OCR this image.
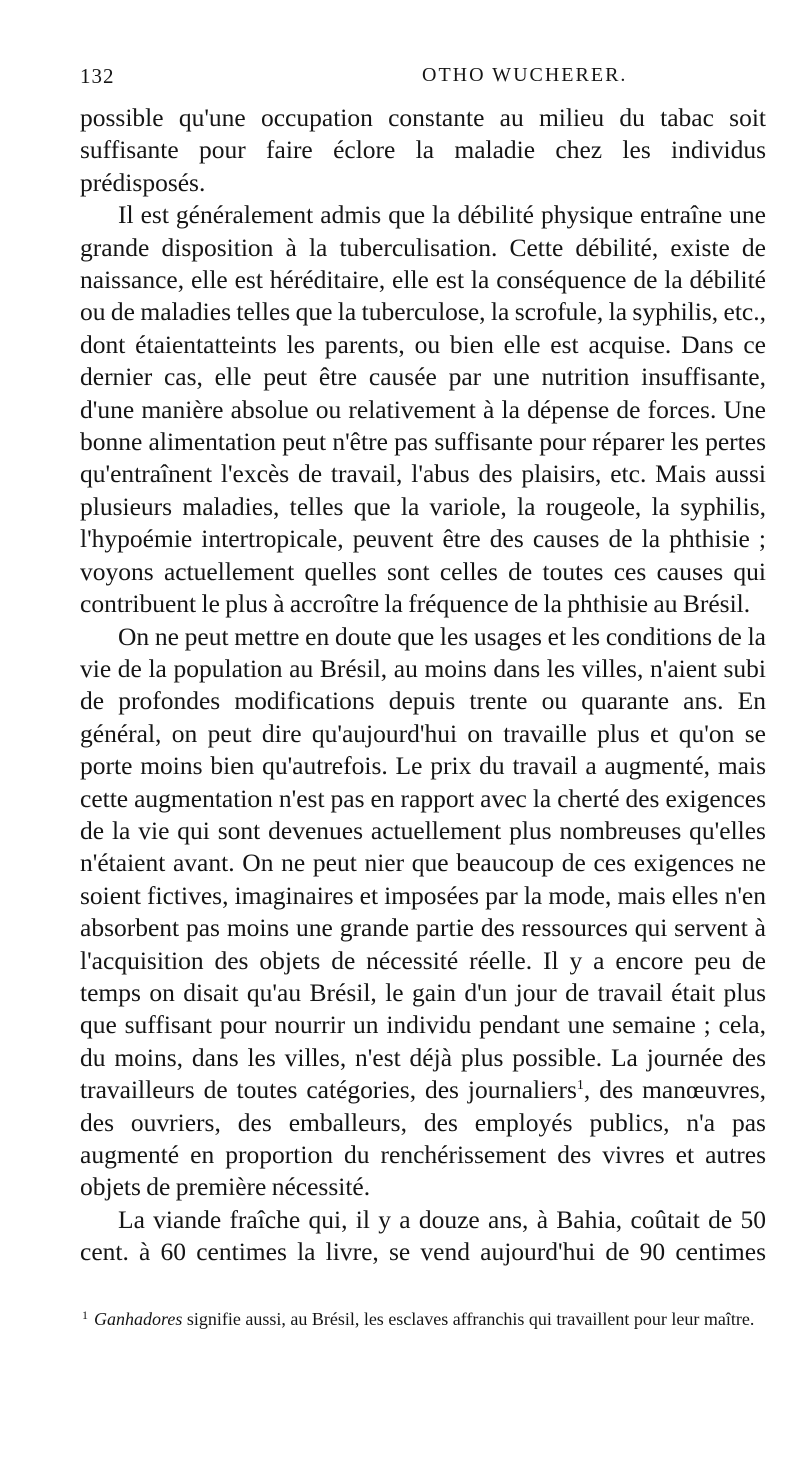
132	OTHO WUCHERER.

possible qu'une occupation constante au milieu du tabac soit suffisante pour faire éclore la maladie chez les individus prédisposés.

Il est généralement admis que la débilité physique entraîne une grande disposition à la tuberculisation. Cette débilité, existe de naissance, elle est héréditaire, elle est la conséquence de la débilité ou de maladies telles que la tuberculose, la scrofule, la syphilis, etc., dont étaientatteints les parents, ou bien elle est acquise. Dans ce dernier cas, elle peut être causée par une nutrition insuffisante, d'une manière absolue ou relativement à la dépense de forces. Une bonne alimentation peut n'être pas suffisante pour réparer les pertes qu'entraînent l'excès de travail, l'abus des plaisirs, etc. Mais aussi plusieurs maladies, telles que la variole, la rougeole, la syphilis, l'hypoémie intertropicale, peuvent être des causes de la phthisie ; voyons actuellement quelles sont celles de toutes ces causes qui contribuent le plus à accroître la fréquence de la phthisie au Brésil.

On ne peut mettre en doute que les usages et les conditions de la vie de la population au Brésil, au moins dans les villes, n'aient subi de profondes modifications depuis trente ou quarante ans. En général, on peut dire qu'aujourd'hui on travaille plus et qu'on se porte moins bien qu'autrefois. Le prix du travail a augmenté, mais cette augmentation n'est pas en rapport avec la cherté des exigences de la vie qui sont devenues actuellement plus nombreuses qu'elles n'étaient avant. On ne peut nier que beaucoup de ces exigences ne soient fictives, imaginaires et imposées par la mode, mais elles n'en absorbent pas moins une grande partie des ressources qui servent à l'acquisition des objets de nécessité réelle. Il y a encore peu de temps on disait qu'au Brésil, le gain d'un jour de travail était plus que suffisant pour nourrir un individu pendant une semaine ; cela, du moins, dans les villes, n'est déjà plus possible. La journée des travailleurs de toutes catégories, des journaliers$^1$, des manœuvres, des ouvriers, des emballeurs, des employés publics, n'a pas augmenté en proportion du renchérissement des vivres et autres objets de première nécessité.

La viande fraîche qui, il y a douze ans, à Bahia, coûtait de 50 cent. à 60 centimes la livre, se vend aujourd'hui de 90 centimes

$^1$ Ganhadores signifie aussi, au Brésil, les esclaves affranchis qui travaillent pour leur maître.
